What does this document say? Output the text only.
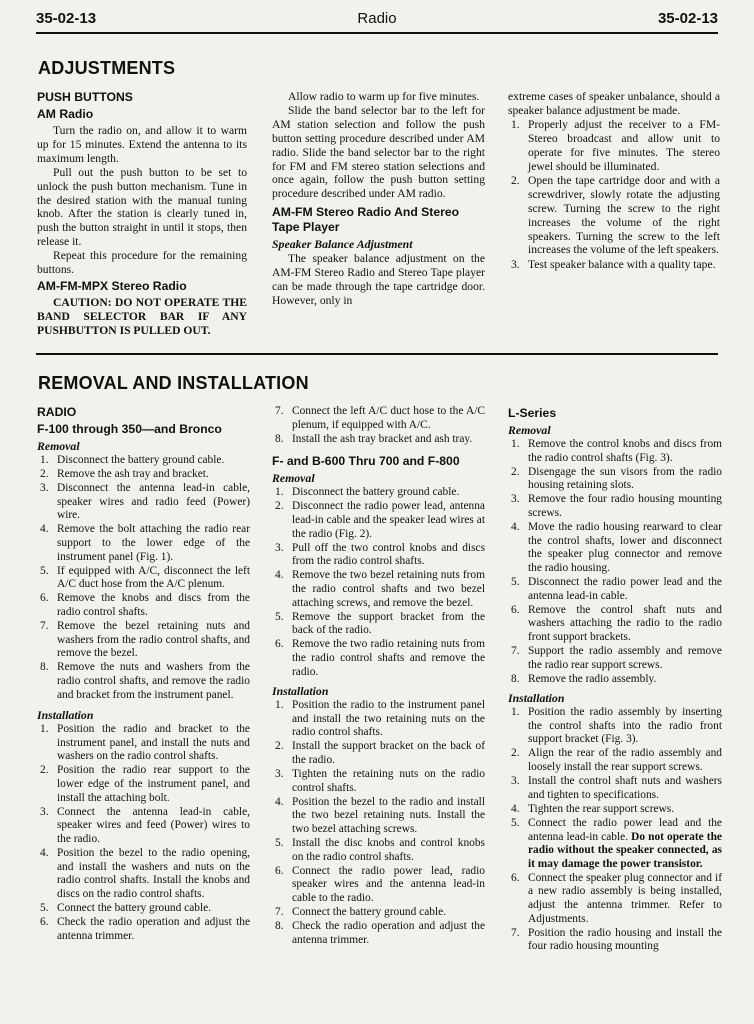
35-02-13	Radio	35-02-13
ADJUSTMENTS
PUSH BUTTONS
AM Radio

Turn the radio on, and allow it to warm up for 15 minutes. Extend the antenna to its maximum length.

Pull out the push button to be set to unlock the push button mechanism. Tune in the desired station with the manual tuning knob. After the station is clearly tuned in, push the button straight in until it stops, then release it.

Repeat this procedure for the remaining buttons.

AM-FM-MPX Stereo Radio

CAUTION: DO NOT OPERATE THE BAND SELECTOR BAR IF ANY PUSHBUTTON IS PULLED OUT.

Allow radio to warm up for five minutes.

Slide the band selector bar to the left for AM station selection and follow the push button setting procedure described under AM radio. Slide the band selector bar to the right for FM and FM stereo station selections and once again, follow the push button setting procedure described under AM radio.

AM-FM Stereo Radio And Stereo Tape Player
Speaker Balance Adjustment

The speaker balance adjustment on the AM-FM Stereo Radio and Stereo Tape player can be made through the tape cartridge door. However, only in

extreme cases of speaker unbalance, should a speaker balance adjustment be made.

1. Properly adjust the receiver to a FM-Stereo broadcast and allow unit to operate for five minutes. The stereo jewel should be illuminated.
2. Open the tape cartridge door and with a screwdriver, slowly rotate the adjusting screw. Turning the screw to the right increases the volume of the right speakers. Turning the screw to the left increases the volume of the left speakers.
3. Test speaker balance with a quality tape.
REMOVAL AND INSTALLATION
RADIO
F-100 through 350—and Bronco
Removal
1. Disconnect the battery ground cable.
2. Remove the ash tray and bracket.
3. Disconnect the antenna lead-in cable, speaker wires and radio feed (Power) wire.
4. Remove the bolt attaching the radio rear support to the lower edge of the instrument panel (Fig. 1).
5. If equipped with A/C, disconnect the left A/C duct hose from the A/C plenum.
6. Remove the knobs and discs from the radio control shafts.
7. Remove the bezel retaining nuts and washers from the radio control shafts, and remove the bezel.
8. Remove the nuts and washers from the radio control shafts, and remove the radio and bracket from the instrument panel.
Installation
1. Position the radio and bracket to the instrument panel, and install the nuts and washers on the radio control shafts.
2. Position the radio rear support to the lower edge of the instrument panel, and install the attaching bolt.
3. Connect the antenna lead-in cable, speaker wires and feed (Power) wires to the radio.
4. Position the bezel to the radio opening, and install the washers and nuts on the radio control shafts. Install the knobs and discs on the radio control shafts.
5. Connect the battery ground cable.
6. Check the radio operation and adjust the antenna trimmer.
7. Connect the left A/C duct hose to the A/C plenum, if equipped with A/C.
8. Install the ash tray bracket and ash tray.
F- and B-600 Thru 700 and F-800
Removal
1. Disconnect the battery ground cable.
2. Disconnect the radio power lead, antenna lead-in cable and the speaker lead wires at the radio (Fig. 2).
3. Pull off the two control knobs and discs from the radio control shafts.
4. Remove the two bezel retaining nuts from the radio control shafts and two bezel attaching screws, and remove the bezel.
5. Remove the support bracket from the back of the radio.
6. Remove the two radio retaining nuts from the radio control shafts and remove the radio.
Installation
1. Position the radio to the instrument panel and install the two retaining nuts on the radio control shafts.
2. Install the support bracket on the back of the radio.
3. Tighten the retaining nuts on the radio control shafts.
4. Position the bezel to the radio and install the two bezel retaining nuts. Install the two bezel attaching screws.
5. Install the disc knobs and control knobs on the radio control shafts.
6. Connect the radio power lead, radio speaker wires and the antenna lead-in cable to the radio.
7. Connect the battery ground cable.
8. Check the radio operation and adjust the antenna trimmer.
L-Series
Removal
1. Remove the control knobs and discs from the radio control shafts (Fig. 3).
2. Disengage the sun visors from the radio housing retaining slots.
3. Remove the four radio housing mounting screws.
4. Move the radio housing rearward to clear the control shafts, lower and disconnect the speaker plug connector and remove the radio housing.
5. Disconnect the radio power lead and the antenna lead-in cable.
6. Remove the control shaft nuts and washers attaching the radio to the radio front support brackets.
7. Support the radio assembly and remove the radio rear support screws.
8. Remove the radio assembly.
Installation
1. Position the radio assembly by inserting the control shafts into the radio front support bracket (Fig. 3).
2. Align the rear of the radio assembly and loosely install the rear support screws.
3. Install the control shaft nuts and washers and tighten to specifications.
4. Tighten the rear support screws.
5. Connect the radio power lead and the antenna lead-in cable. Do not operate the radio without the speaker connected, as it may damage the power transistor.
6. Connect the speaker plug connector and if a new radio assembly is being installed, adjust the antenna trimmer. Refer to Adjustments.
7. Position the radio housing and install the four radio housing mounting
